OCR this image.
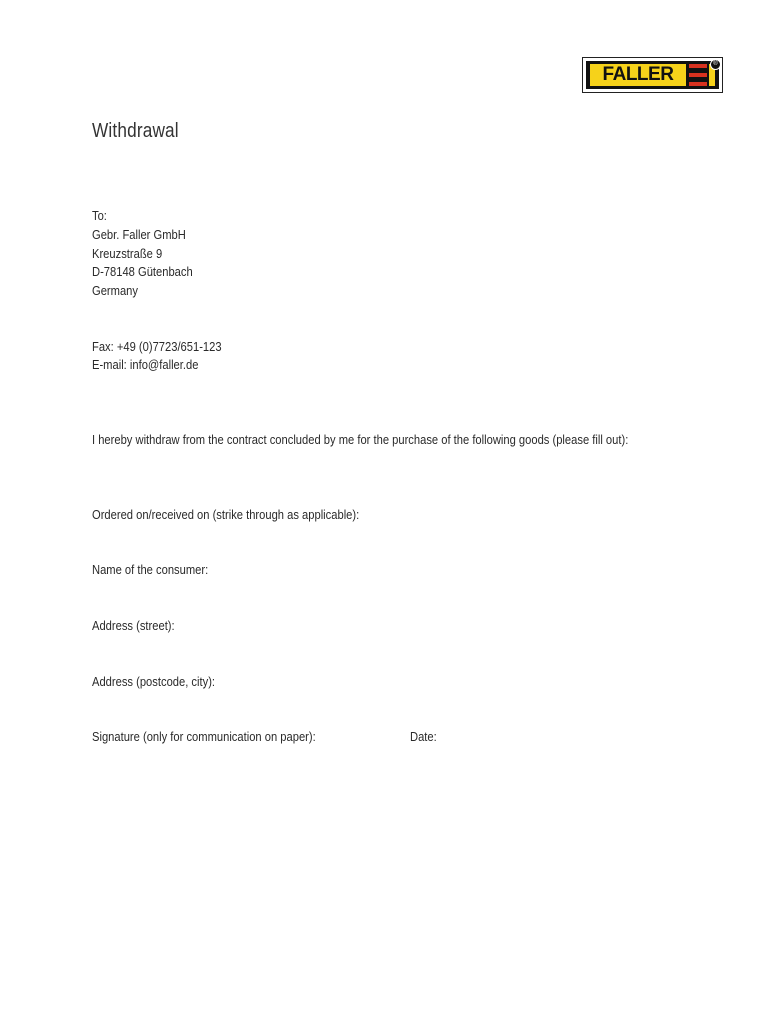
FALLER	®
Withdrawal
To:
Gebr. Faller GmbH
Kreuzstraße 9
D-78148 Gütenbach
Germany
Fax: +49 (0)7723/651-123
E-mail: info@faller.de
I hereby withdraw from the contract concluded by me for the purchase of the following goods (please fill out):
Ordered on/received on (strike through as applicable):
Name of the consumer:
Address (street):
Address (postcode, city):
Signature (only for communication on paper):	Date:
